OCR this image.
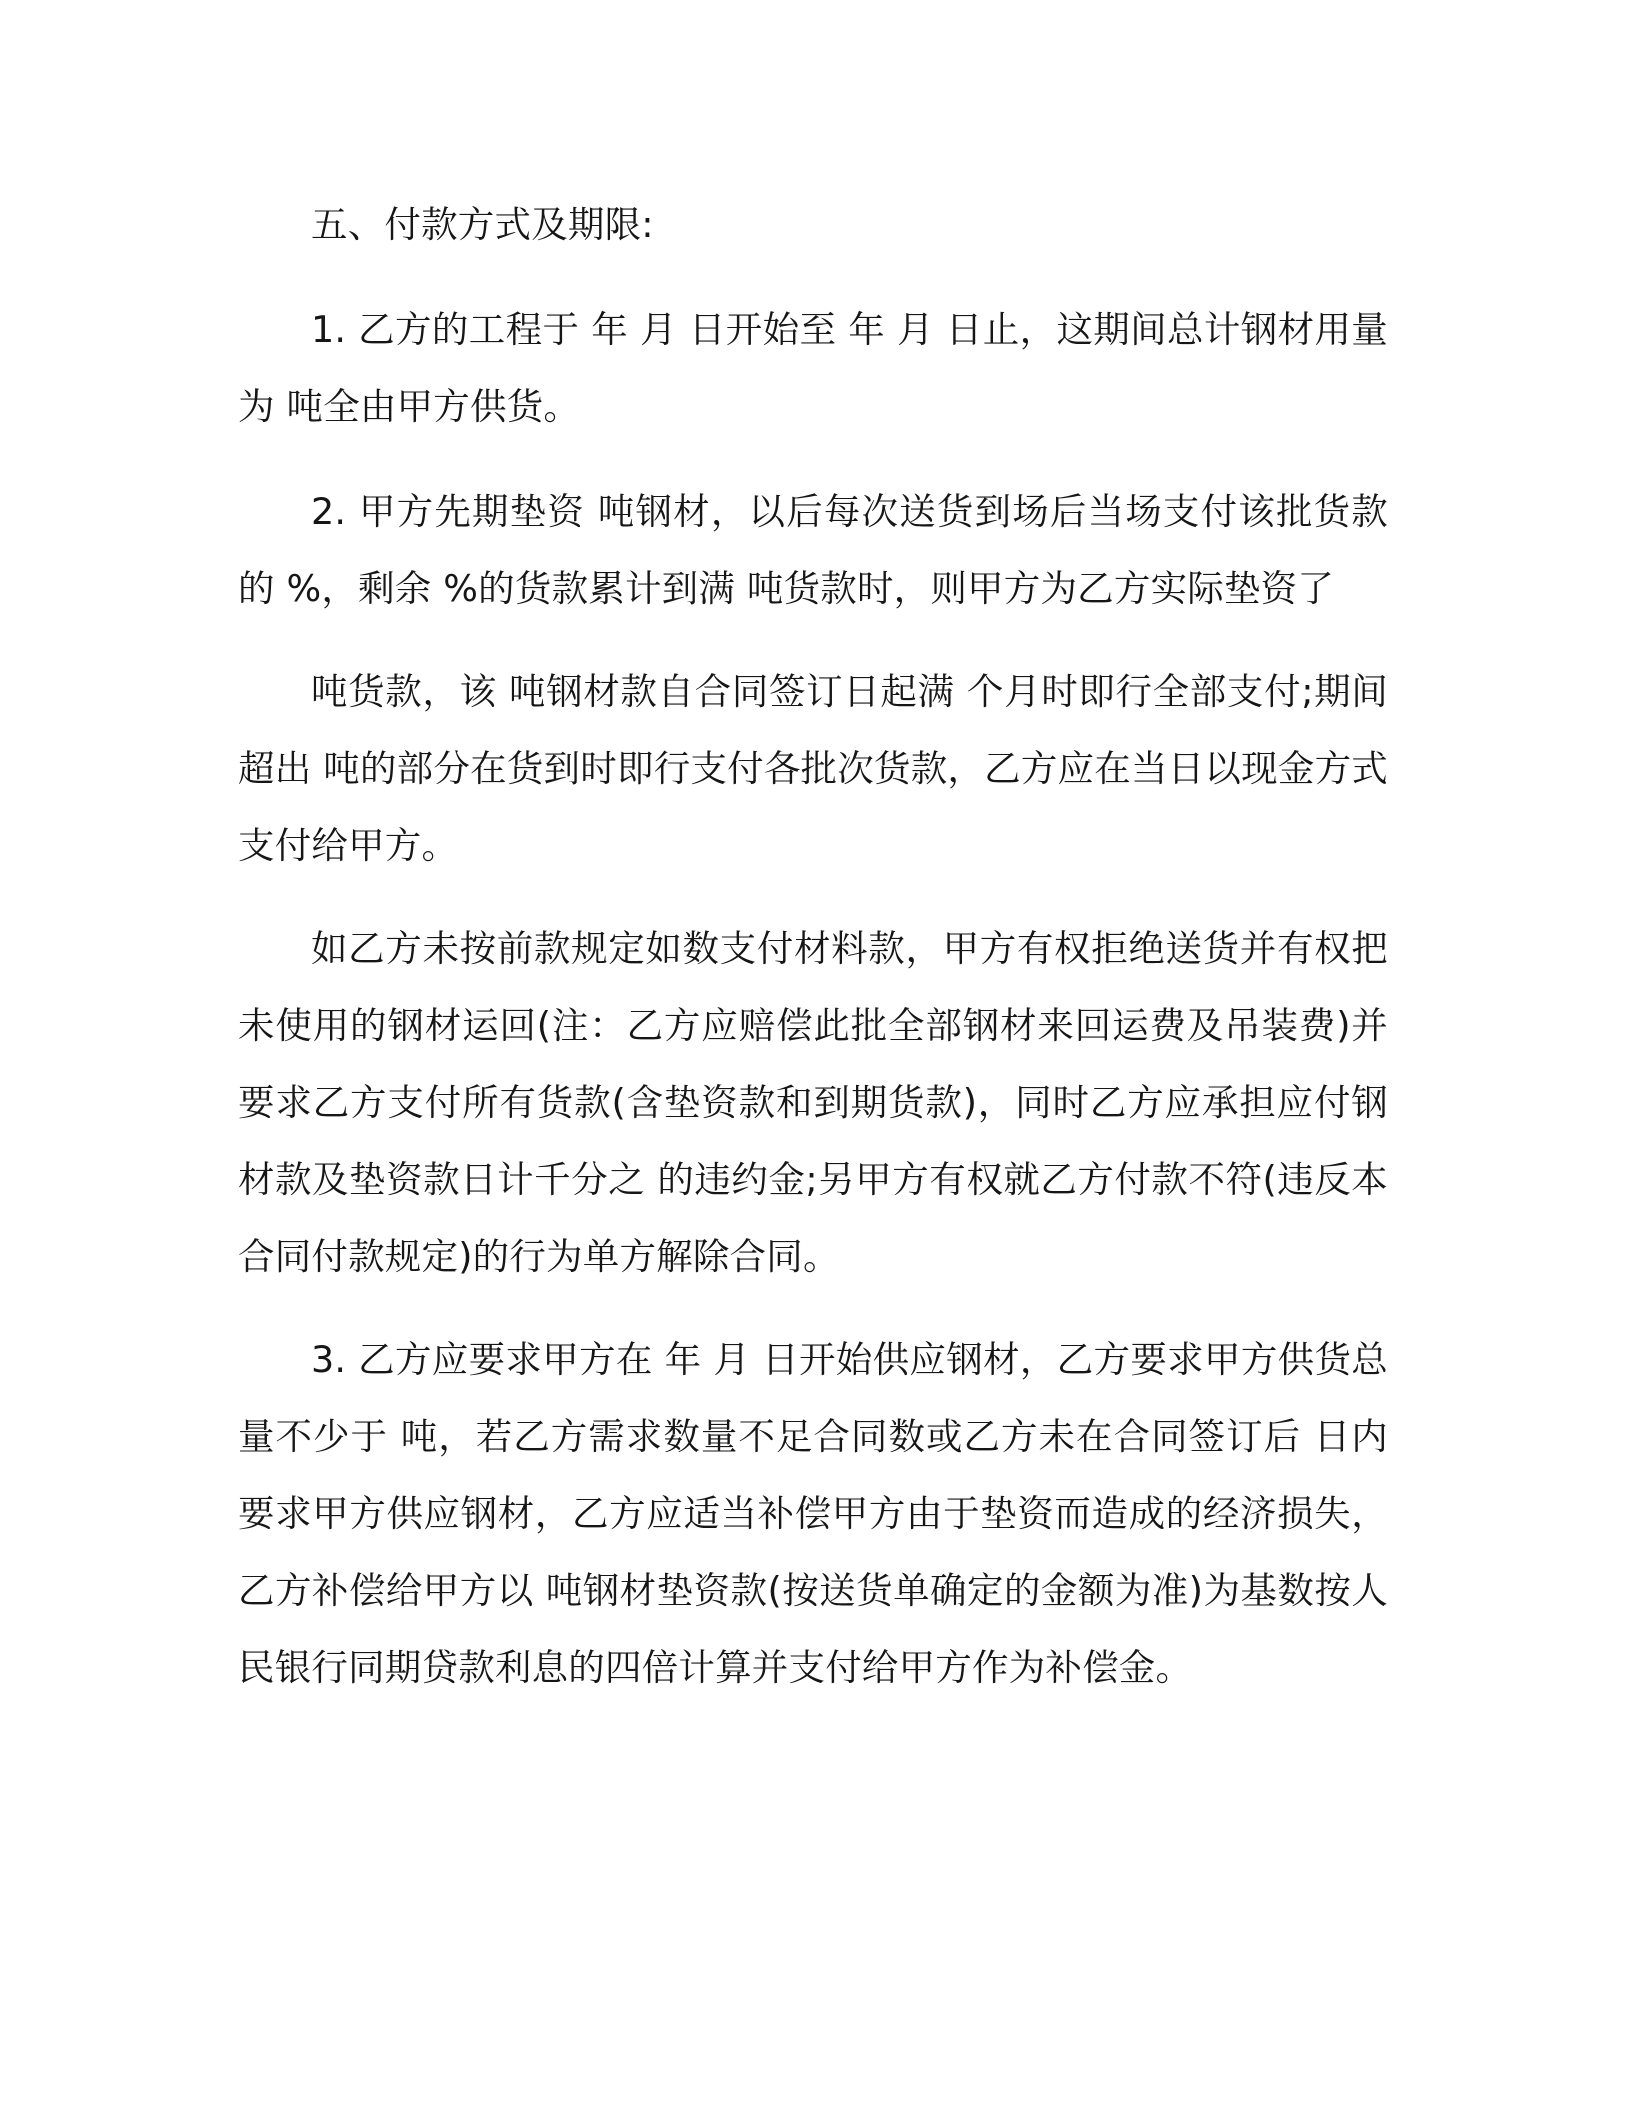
五、付款方式及期限:

1. 乙方的工程于 年 月 日开始至 年 月 日止，这期间总计钢材用量为 吨全由甲方供货。

2. 甲方先期垫资 吨钢材，以后每次送货到场后当场支付该批货款的 %，剩余 %的货款累计到满 吨货款时，则甲方为乙方实际垫资了

吨货款，该 吨钢材款自合同签订日起满 个月时即行全部支付;期间超出 吨的部分在货到时即行支付各批次货款，乙方应在当日以现金方式支付给甲方。

如乙方未按前款规定如数支付材料款，甲方有权拒绝送货并有权把未使用的钢材运回(注：乙方应赔偿此批全部钢材来回运费及吊装费)并要求乙方支付所有货款(含垫资款和到期货款)，同时乙方应承担应付钢材款及垫资款日计千分之 的违约金;另甲方有权就乙方付款不符(违反本合同付款规定)的行为单方解除合同。

3. 乙方应要求甲方在 年 月 日开始供应钢材，乙方要求甲方供货总量不少于 吨，若乙方需求数量不足合同数或乙方未在合同签订后 日内要求甲方供应钢材，乙方应适当补偿甲方由于垫资而造成的经济损失，乙方补偿给甲方以 吨钢材垫资款(按送货单确定的金额为准)为基数按人民银行同期贷款利息的四倍计算并支付给甲方作为补偿金。
